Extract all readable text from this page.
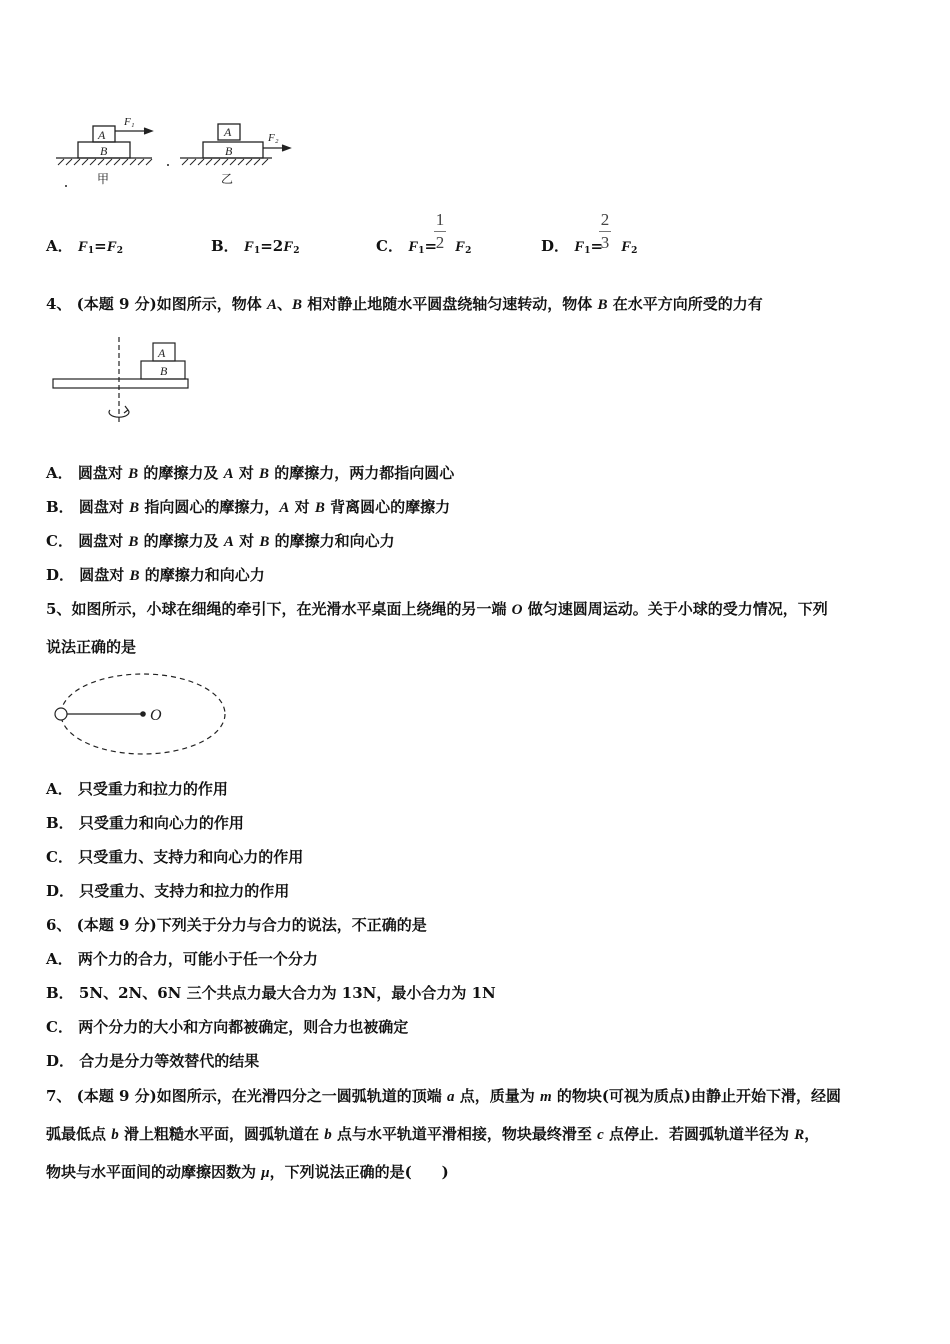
A
B
F₁
A
B
F₂
甲	乙
A． $F_1=F_2$	B． $F_1=2F_2$	C． $F_1= F_2$
1
2	D． $F_1= F_2$
2
3
4、 (本题 9 分)如图所示，物体 A、B 相对静止地随水平圆盘绕轴匀速转动，物体 B 在水平方向所受的力有
A
B
A． 圆盘对 B 的摩擦力及 A 对 B 的摩擦力，两力都指向圆心
B． 圆盘对 B 指向圆心的摩擦力，A 对 B 背离圆心的摩擦力
C． 圆盘对 B 的摩擦力及 A 对 B 的摩擦力和向心力
D． 圆盘对 B 的摩擦力和向心力
5、如图所示，小球在细绳的牵引下，在光滑水平桌面上绕绳的另一端 O 做匀速圆周运动。关于小球的受力情况，下列
说法正确的是
O
A． 只受重力和拉力的作用
B． 只受重力和向心力的作用
C． 只受重力、支持力和向心力的作用
D． 只受重力、支持力和拉力的作用
6、 (本题 9 分)下列关于分力与合力的说法，不正确的是
A． 两个力的合力，可能小于任一个分力
B． 5N、2N、6N 三个共点力最大合力为 13N，最小合力为 1N
C． 两个分力的大小和方向都被确定，则合力也被确定
D． 合力是分力等效替代的结果
7、 (本题 9 分)如图所示，在光滑四分之一圆弧轨道的顶端 a 点，质量为 m 的物块(可视为质点)由静止开始下滑，经圆
弧最低点 b 滑上粗糙水平面，圆弧轨道在 b 点与水平轨道平滑相接，物块最终滑至 c 点停止．若圆弧轨道半径为 R，
物块与水平面间的动摩擦因数为 μ，下列说法正确的是(　　)
